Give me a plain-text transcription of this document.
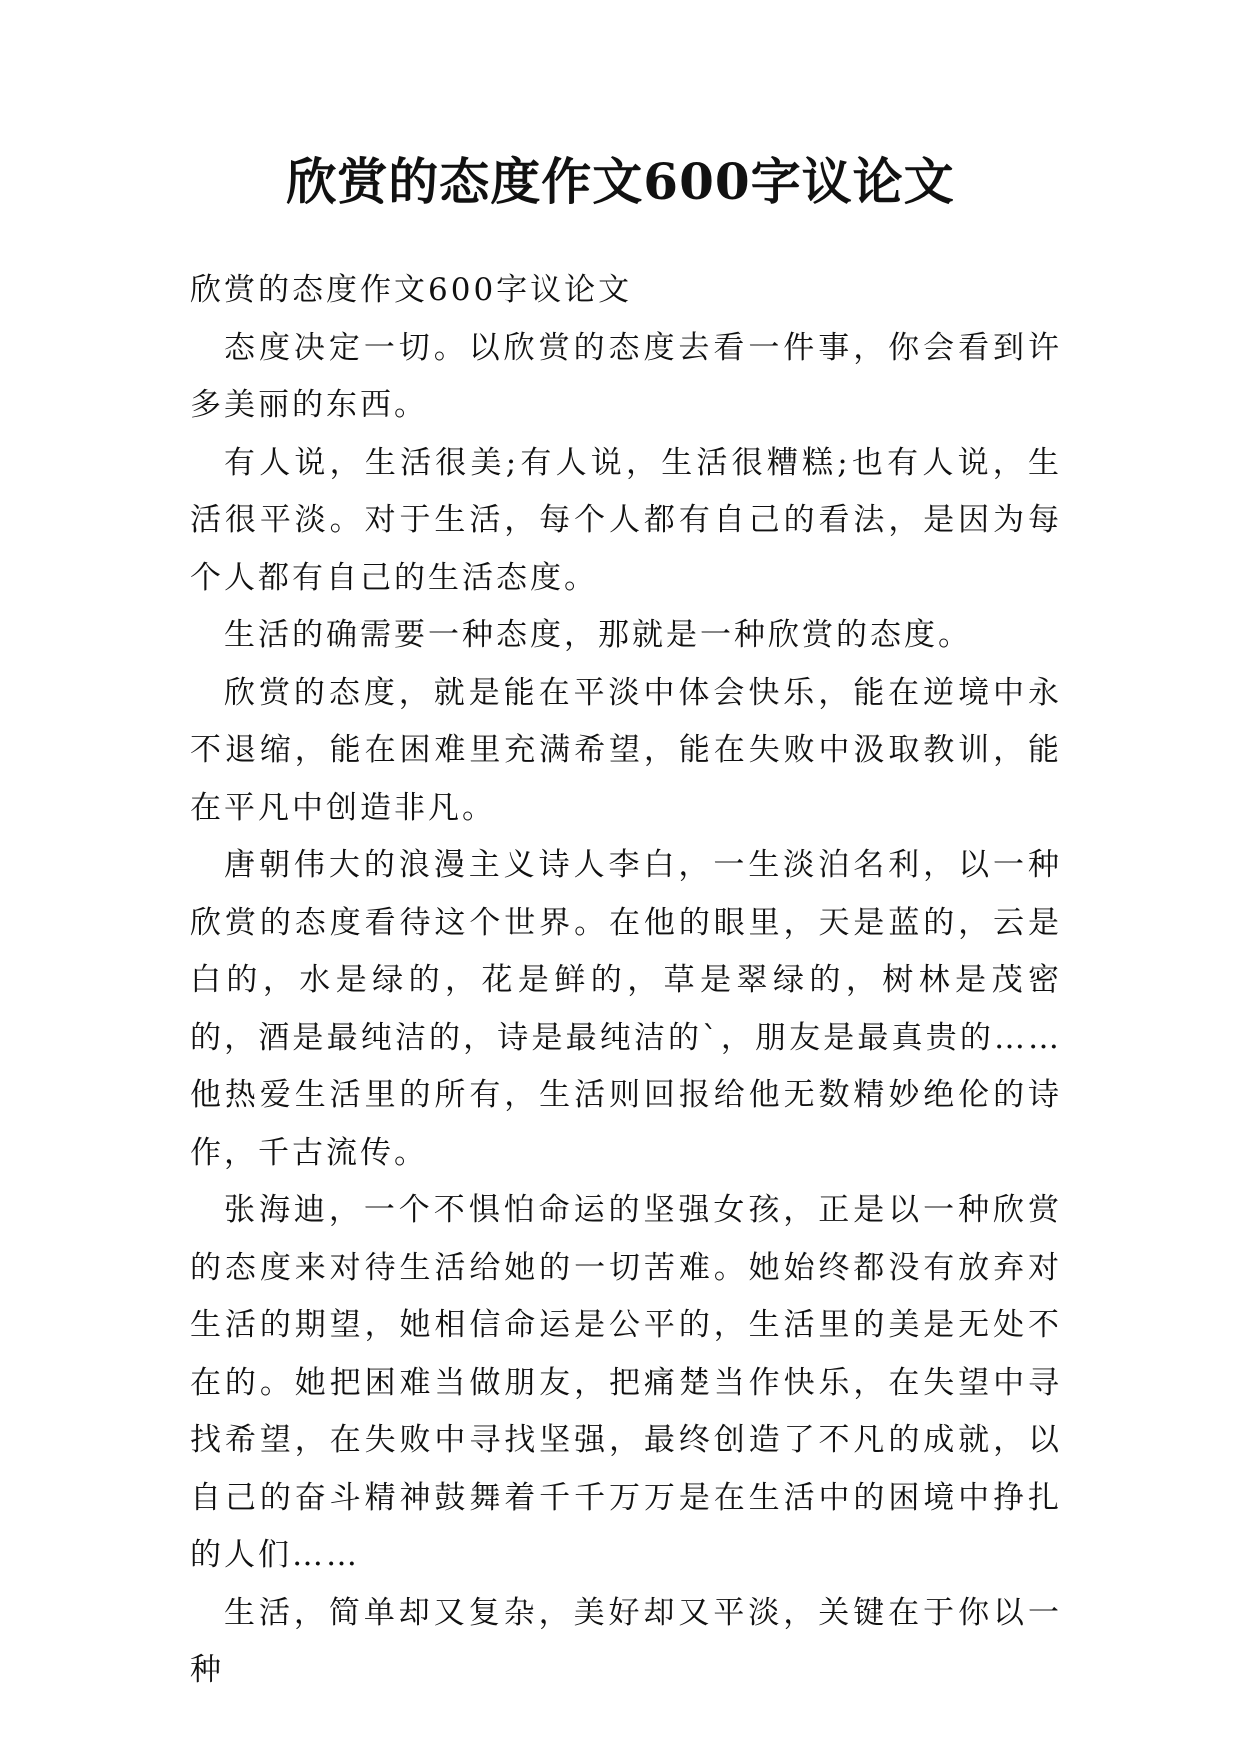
欣赏的态度作文600字议论文

欣赏的态度作文600字议论文

态度决定一切。以欣赏的态度去看一件事，你会看到许多美丽的东西。

有人说，生活很美;有人说，生活很糟糕;也有人说，生活很平淡。对于生活，每个人都有自己的看法，是因为每个人都有自己的生活态度。

生活的确需要一种态度，那就是一种欣赏的态度。

欣赏的态度，就是能在平淡中体会快乐，能在逆境中永不退缩，能在困难里充满希望，能在失败中汲取教训，能在平凡中创造非凡。

唐朝伟大的浪漫主义诗人李白，一生淡泊名利，以一种欣赏的态度看待这个世界。在他的眼里，天是蓝的，云是白的，水是绿的，花是鲜的，草是翠绿的，树林是茂密的，酒是最纯洁的，诗是最纯洁的`，朋友是最真贵的……他热爱生活里的所有，生活则回报给他无数精妙绝伦的诗作，千古流传。

张海迪，一个不惧怕命运的坚强女孩，正是以一种欣赏的态度来对待生活给她的一切苦难。她始终都没有放弃对生活的期望，她相信命运是公平的，生活里的美是无处不在的。她把困难当做朋友，把痛楚当作快乐，在失望中寻找希望，在失败中寻找坚强，最终创造了不凡的成就，以自己的奋斗精神鼓舞着千千万万是在生活中的困境中挣扎的人们……

生活，简单却又复杂，美好却又平淡，关键在于你以一种
